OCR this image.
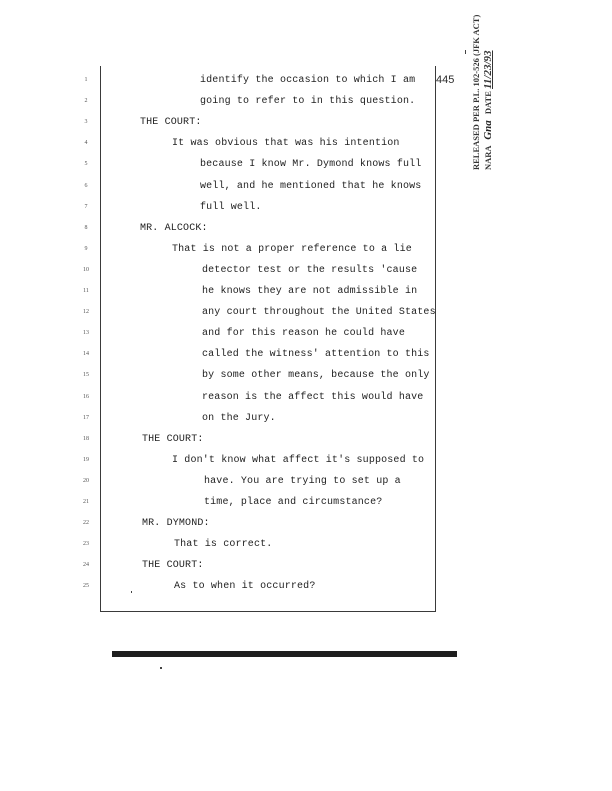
445
1	identify the occasion to which I am
2	going to refer to in this question.
3	THE COURT:
4	It was obvious that was his intention
5	because I know Mr. Dymond knows full
6	well, and he mentioned that he knows
7	full well.
8	MR. ALCOCK:
9	That is not a proper reference to a lie
10	detector test or the results 'cause
11	he knows they are not admissible in
12	any court throughout the United States
13	and for this reason he could have
14	called the witness' attention to this
15	by some other means, because the only
16	reason is the affect this would have
17	on the Jury.
18	THE COURT:
19	I don't know what affect it's supposed to
20	have. You are trying to set up a
21	time, place and circumstance?
22	MR. DYMOND:
23	That is correct.
24	THE COURT:
25	As to when it occurred?
RELEASED PER P.L. 102-526 (JFK ACT) NARA Gna DATE 11/23/93
